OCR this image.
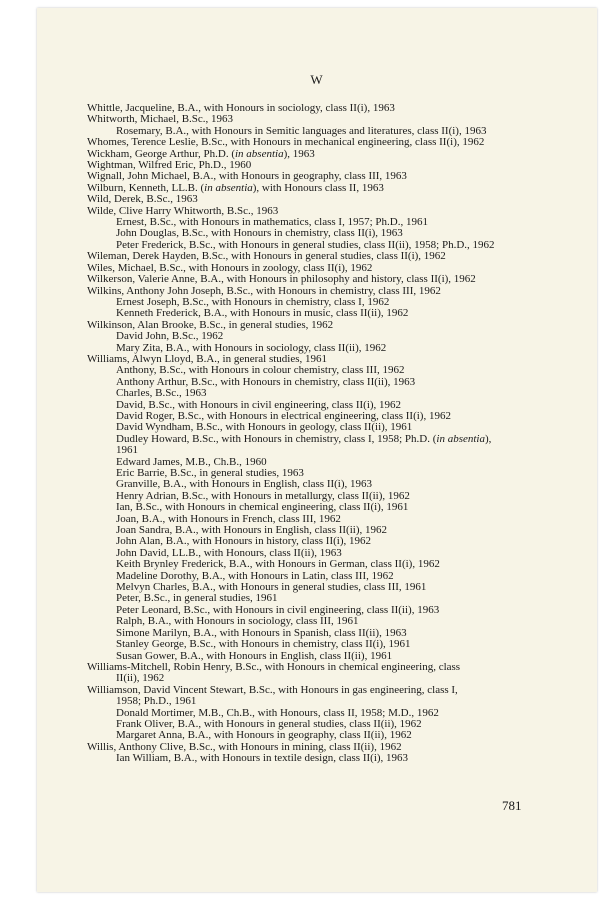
W
Whittle, Jacqueline, B.A., with Honours in sociology, class II(i), 1963
Whitworth, Michael, B.Sc., 1963
Rosemary, B.A., with Honours in Semitic languages and literatures, class II(i), 1963
Whomes, Terence Leslie, B.Sc., with Honours in mechanical engineering, class II(i), 1962
Wickham, George Arthur, Ph.D. (in absentia), 1963
Wightman, Wilfred Eric, Ph.D., 1960
Wignall, John Michael, B.A., with Honours in geography, class III, 1963
Wilburn, Kenneth, LL.B. (in absentia), with Honours class II, 1963
Wild, Derek, B.Sc., 1963
Wilde, Clive Harry Whitworth, B.Sc., 1963
Ernest, B.Sc., with Honours in mathematics, class I, 1957; Ph.D., 1961
John Douglas, B.Sc., with Honours in chemistry, class II(i), 1963
Peter Frederick, B.Sc., with Honours in general studies, class II(ii), 1958; Ph.D., 1962
Wileman, Derek Hayden, B.Sc., with Honours in general studies, class II(i), 1962
Wiles, Michael, B.Sc., with Honours in zoology, class II(i), 1962
Wilkerson, Valerie Anne, B.A., with Honours in philosophy and history, class II(i), 1962
Wilkins, Anthony John Joseph, B.Sc., with Honours in chemistry, class III, 1962
Ernest Joseph, B.Sc., with Honours in chemistry, class I, 1962
Kenneth Frederick, B.A., with Honours in music, class II(ii), 1962
Wilkinson, Alan Brooke, B.Sc., in general studies, 1962
David John, B.Sc., 1962
Mary Zita, B.A., with Honours in sociology, class II(ii), 1962
Williams, Alwyn Lloyd, B.A., in general studies, 1961
Anthony, B.Sc., with Honours in colour chemistry, class III, 1962
Anthony Arthur, B.Sc., with Honours in chemistry, class II(ii), 1963
Charles, B.Sc., 1963
David, B.Sc., with Honours in civil engineering, class II(i), 1962
David Roger, B.Sc., with Honours in electrical engineering, class II(i), 1962
David Wyndham, B.Sc., with Honours in geology, class II(ii), 1961
Dudley Howard, B.Sc., with Honours in chemistry, class I, 1958; Ph.D. (in absentia),
1961
Edward James, M.B., Ch.B., 1960
Eric Barrie, B.Sc., in general studies, 1963
Granville, B.A., with Honours in English, class II(i), 1963
Henry Adrian, B.Sc., with Honours in metallurgy, class II(ii), 1962
Ian, B.Sc., with Honours in chemical engineering, class II(i), 1961
Joan, B.A., with Honours in French, class III, 1962
Joan Sandra, B.A., with Honours in English, class II(ii), 1962
John Alan, B.A., with Honours in history, class II(i), 1962
John David, LL.B., with Honours, class II(ii), 1963
Keith Brynley Frederick, B.A., with Honours in German, class II(i), 1962
Madeline Dorothy, B.A., with Honours in Latin, class III, 1962
Melvyn Charles, B.A., with Honours in general studies, class III, 1961
Peter, B.Sc., in general studies, 1961
Peter Leonard, B.Sc., with Honours in civil engineering, class II(ii), 1963
Ralph, B.A., with Honours in sociology, class III, 1961
Simone Marilyn, B.A., with Honours in Spanish, class II(ii), 1963
Stanley George, B.Sc., with Honours in chemistry, class II(i), 1961
Susan Gower, B.A., with Honours in English, class II(ii), 1961
Williams-Mitchell, Robin Henry, B.Sc., with Honours in chemical engineering, class
II(ii), 1962
Williamson, David Vincent Stewart, B.Sc., with Honours in gas engineering, class I,
1958; Ph.D., 1961
Donald Mortimer, M.B., Ch.B., with Honours, class II, 1958; M.D., 1962
Frank Oliver, B.A., with Honours in general studies, class II(ii), 1962
Margaret Anna, B.A., with Honours in geography, class II(ii), 1962
Willis, Anthony Clive, B.Sc., with Honours in mining, class II(ii), 1962
Ian William, B.A., with Honours in textile design, class II(i), 1963
781
